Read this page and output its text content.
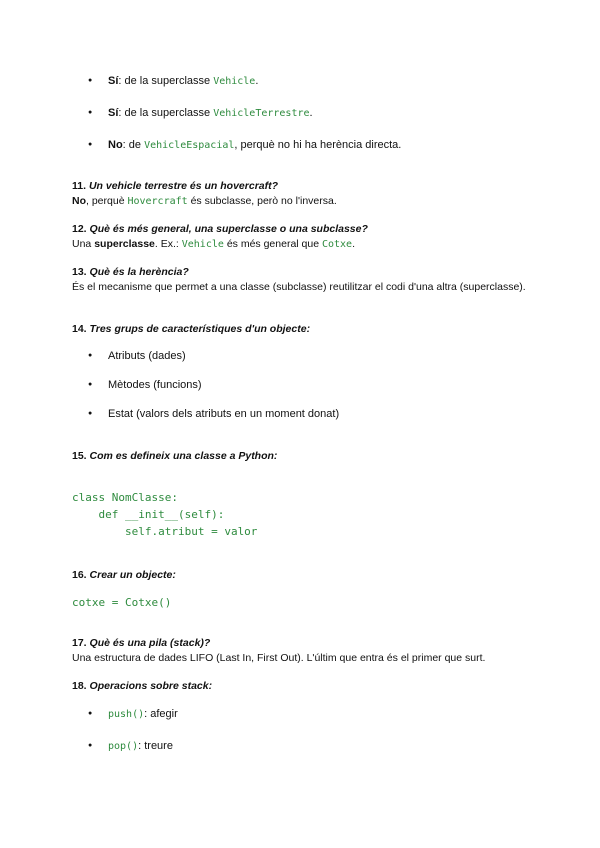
● Sí: de la superclasse Vehicle.
● Sí: de la superclasse VehicleTerrestre.
● No: de VehicleEspacial, perquè no hi ha herència directa.
11. Un vehicle terrestre és un hovercraft?
No, perquè Hovercraft és subclasse, però no l'inversa.
12. Què és més general, una superclasse o una subclasse?
Una superclasse. Ex.: Vehicle és més general que Cotxe.
13. Què és la herència?
És el mecanisme que permet a una classe (subclasse) reutilitzar el codi d'una altra (superclasse).
14. Tres grups de característiques d'un objecte:
● Atributs (dades)
● Mètodes (funcions)
● Estat (valors dels atributs en un moment donat)
15. Com es defineix una classe a Python:
class NomClasse:
def __init__(self):
self.atribut = valor
16. Crear un objecte:
cotxe = Cotxe()
17. Què és una pila (stack)?
Una estructura de dades LIFO (Last In, First Out). L'últim que entra és el primer que surt.
18. Operacions sobre stack:
● push(): afegir
● pop(): treure
